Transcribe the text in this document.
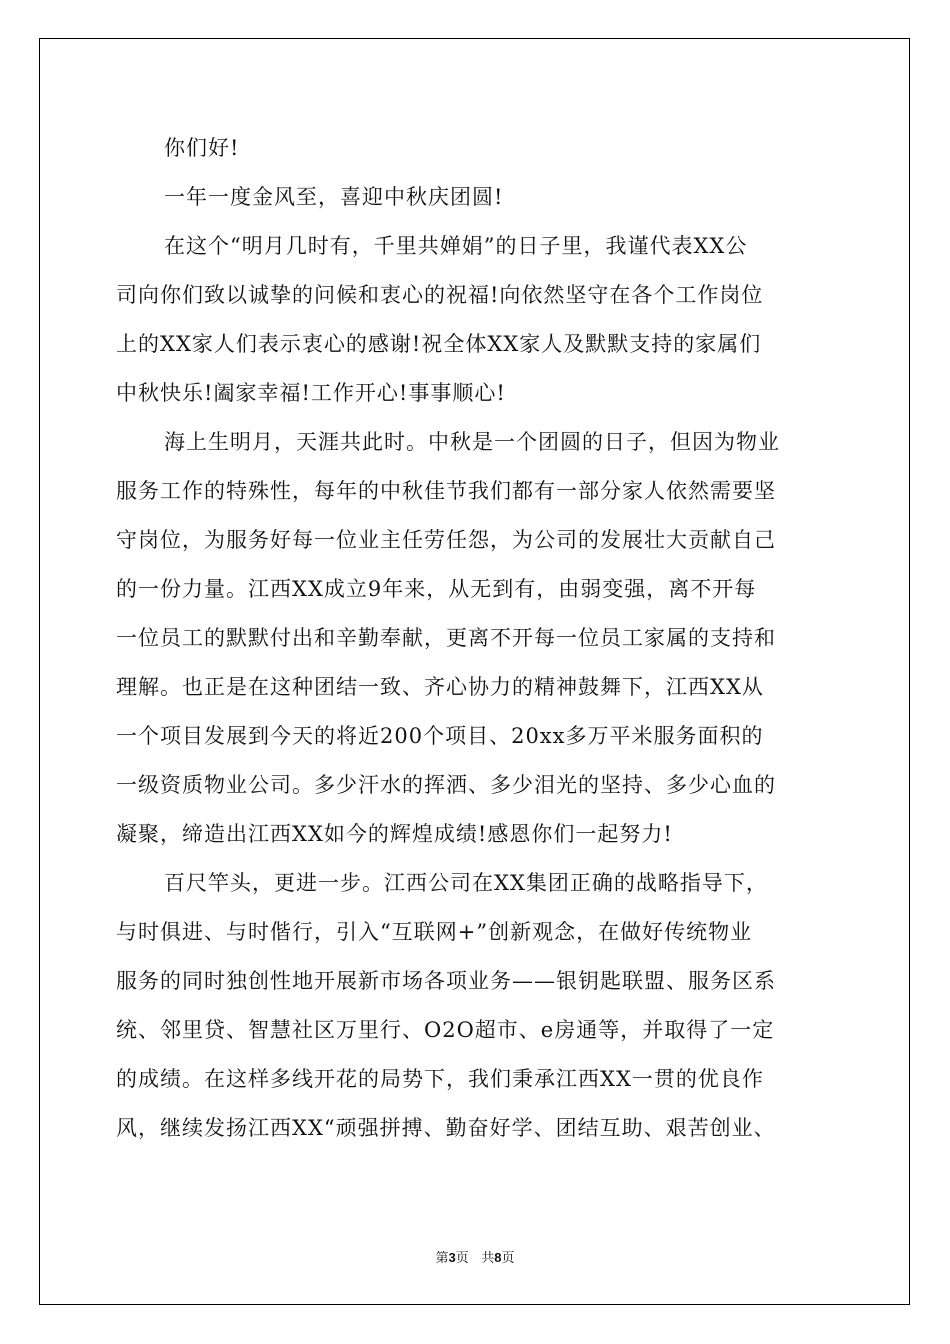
你们好!
一年一度金风至，喜迎中秋庆团圆!
在这个“明月几时有，千里共婵娟”的日子里，我谨代表XX公
司向你们致以诚挚的问候和衷心的祝福!向依然坚守在各个工作岗位
上的XX家人们表示衷心的感谢!祝全体XX家人及默默支持的家属们
中秋快乐!阖家幸福!工作开心!事事顺心!
海上生明月，天涯共此时。中秋是一个团圆的日子，但因为物业
服务工作的特殊性，每年的中秋佳节我们都有一部分家人依然需要坚
守岗位，为服务好每一位业主任劳任怨，为公司的发展壮大贡献自己
的一份力量。江西XX成立9年来，从无到有，由弱变强，离不开每
一位员工的默默付出和辛勤奉献，更离不开每一位员工家属的支持和
理解。也正是在这种团结一致、齐心协力的精神鼓舞下，江西XX从
一个项目发展到今天的将近200个项目、20xx多万平米服务面积的
一级资质物业公司。多少汗水的挥洒、多少泪光的坚持、多少心血的
凝聚，缔造出江西XX如今的辉煌成绩!感恩你们一起努力!
百尺竿头，更进一步。江西公司在XX集团正确的战略指导下，
与时俱进、与时偕行，引入“互联网+”创新观念，在做好传统物业
服务的同时独创性地开展新市场各项业务——银钥匙联盟、服务区系
统、邻里贷、智慧社区万里行、O2O超市、e房通等，并取得了一定
的成绩。在这样多线开花的局势下，我们秉承江西XX一贯的优良作
风，继续发扬江西XX“顽强拼搏、勤奋好学、团结互助、艰苦创业、
第3页 共8页
